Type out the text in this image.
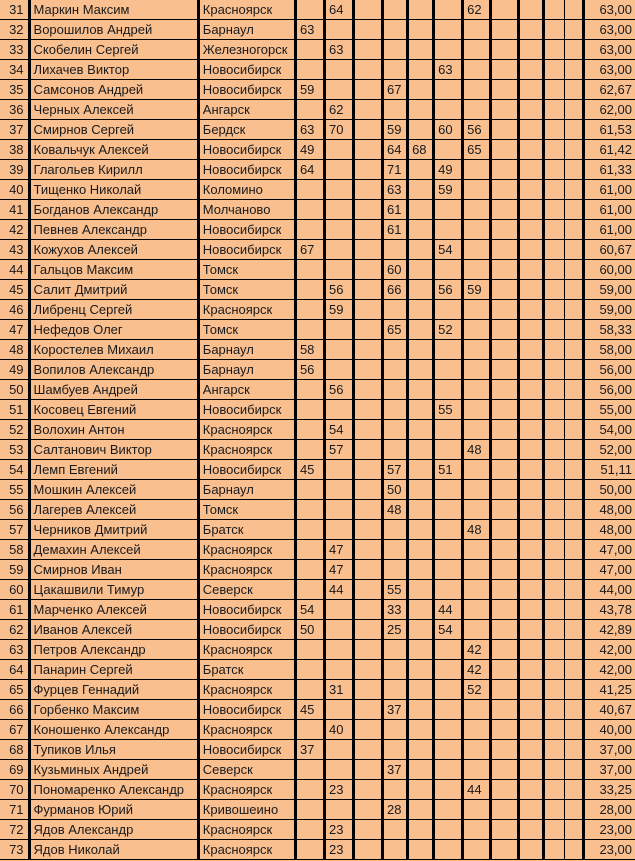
31	Маркин Максим	Красноярск		64					62					63,00
32	Ворошилов Андрей	Барнаул	63											63,00
33	Скобелин Сергей	Железногорск		63										63,00
34	Лихачев Виктор	Новосибирск						63						63,00
35	Самсонов Андрей	Новосибирск	59			67								62,67
36	Черных Алексей	Ангарск		62										62,00
37	Смирнов Сергей	Бердск	63	70		59		60	56					61,53
38	Ковальчук Алексей	Новосибирск	49			64	68		65					61,42
39	Глагольев Кирилл	Новосибирск	64			71		49						61,33
40	Тищенко Николай	Коломино				63		59						61,00
41	Богданов Александр	Молчаново				61								61,00
42	Певнев Александр	Новосибирск				61								61,00
43	Кожухов Алексей	Новосибирск	67					54						60,67
44	Гальцов Максим	Томск				60								60,00
45	Салит Дмитрий	Томск		56		66		56	59					59,00
46	Либренц Сергей	Красноярск		59										59,00
47	Нефедов Олег	Томск				65		52						58,33
48	Коростелев Михаил	Барнаул	58											58,00
49	Вопилов Александр	Барнаул	56											56,00
50	Шамбуев Андрей	Ангарск		56										56,00
51	Косовец Евгений	Новосибирск						55						55,00
52	Волохин Антон	Красноярск		54										54,00
53	Салтанович Виктор	Красноярск		57					48					52,00
54	Лемп Евгений	Новосибирск	45			57		51						51,11
55	Мошкин Алексей	Барнаул				50								50,00
56	Лагерев Алексей	Томск				48								48,00
57	Черников Дмитрий	Братск							48					48,00
58	Демахин Алексей	Красноярск		47										47,00
59	Смирнов Иван	Красноярск		47										47,00
60	Цакашвили Тимур	Северск		44		55								44,00
61	Марченко Алексей	Новосибирск	54			33		44						43,78
62	Иванов Алексей	Новосибирск	50			25		54						42,89
63	Петров Александр	Красноярск							42					42,00
64	Панарин Сергей	Братск							42					42,00
65	Фурцев Геннадий	Красноярск		31					52					41,25
66	Горбенко Максим	Новосибирск	45			37								40,67
67	Коношенко Александр	Красноярск		40										40,00
68	Тупиков Илья	Новосибирск	37											37,00
69	Кузьминых Андрей	Северск				37								37,00
70	Пономаренко Александр	Красноярск		23					44					33,25
71	Фурманов Юрий	Кривошеино				28								28,00
72	Ядов Александр	Красноярск		23										23,00
73	Ядов Николай	Красноярск		23										23,00
